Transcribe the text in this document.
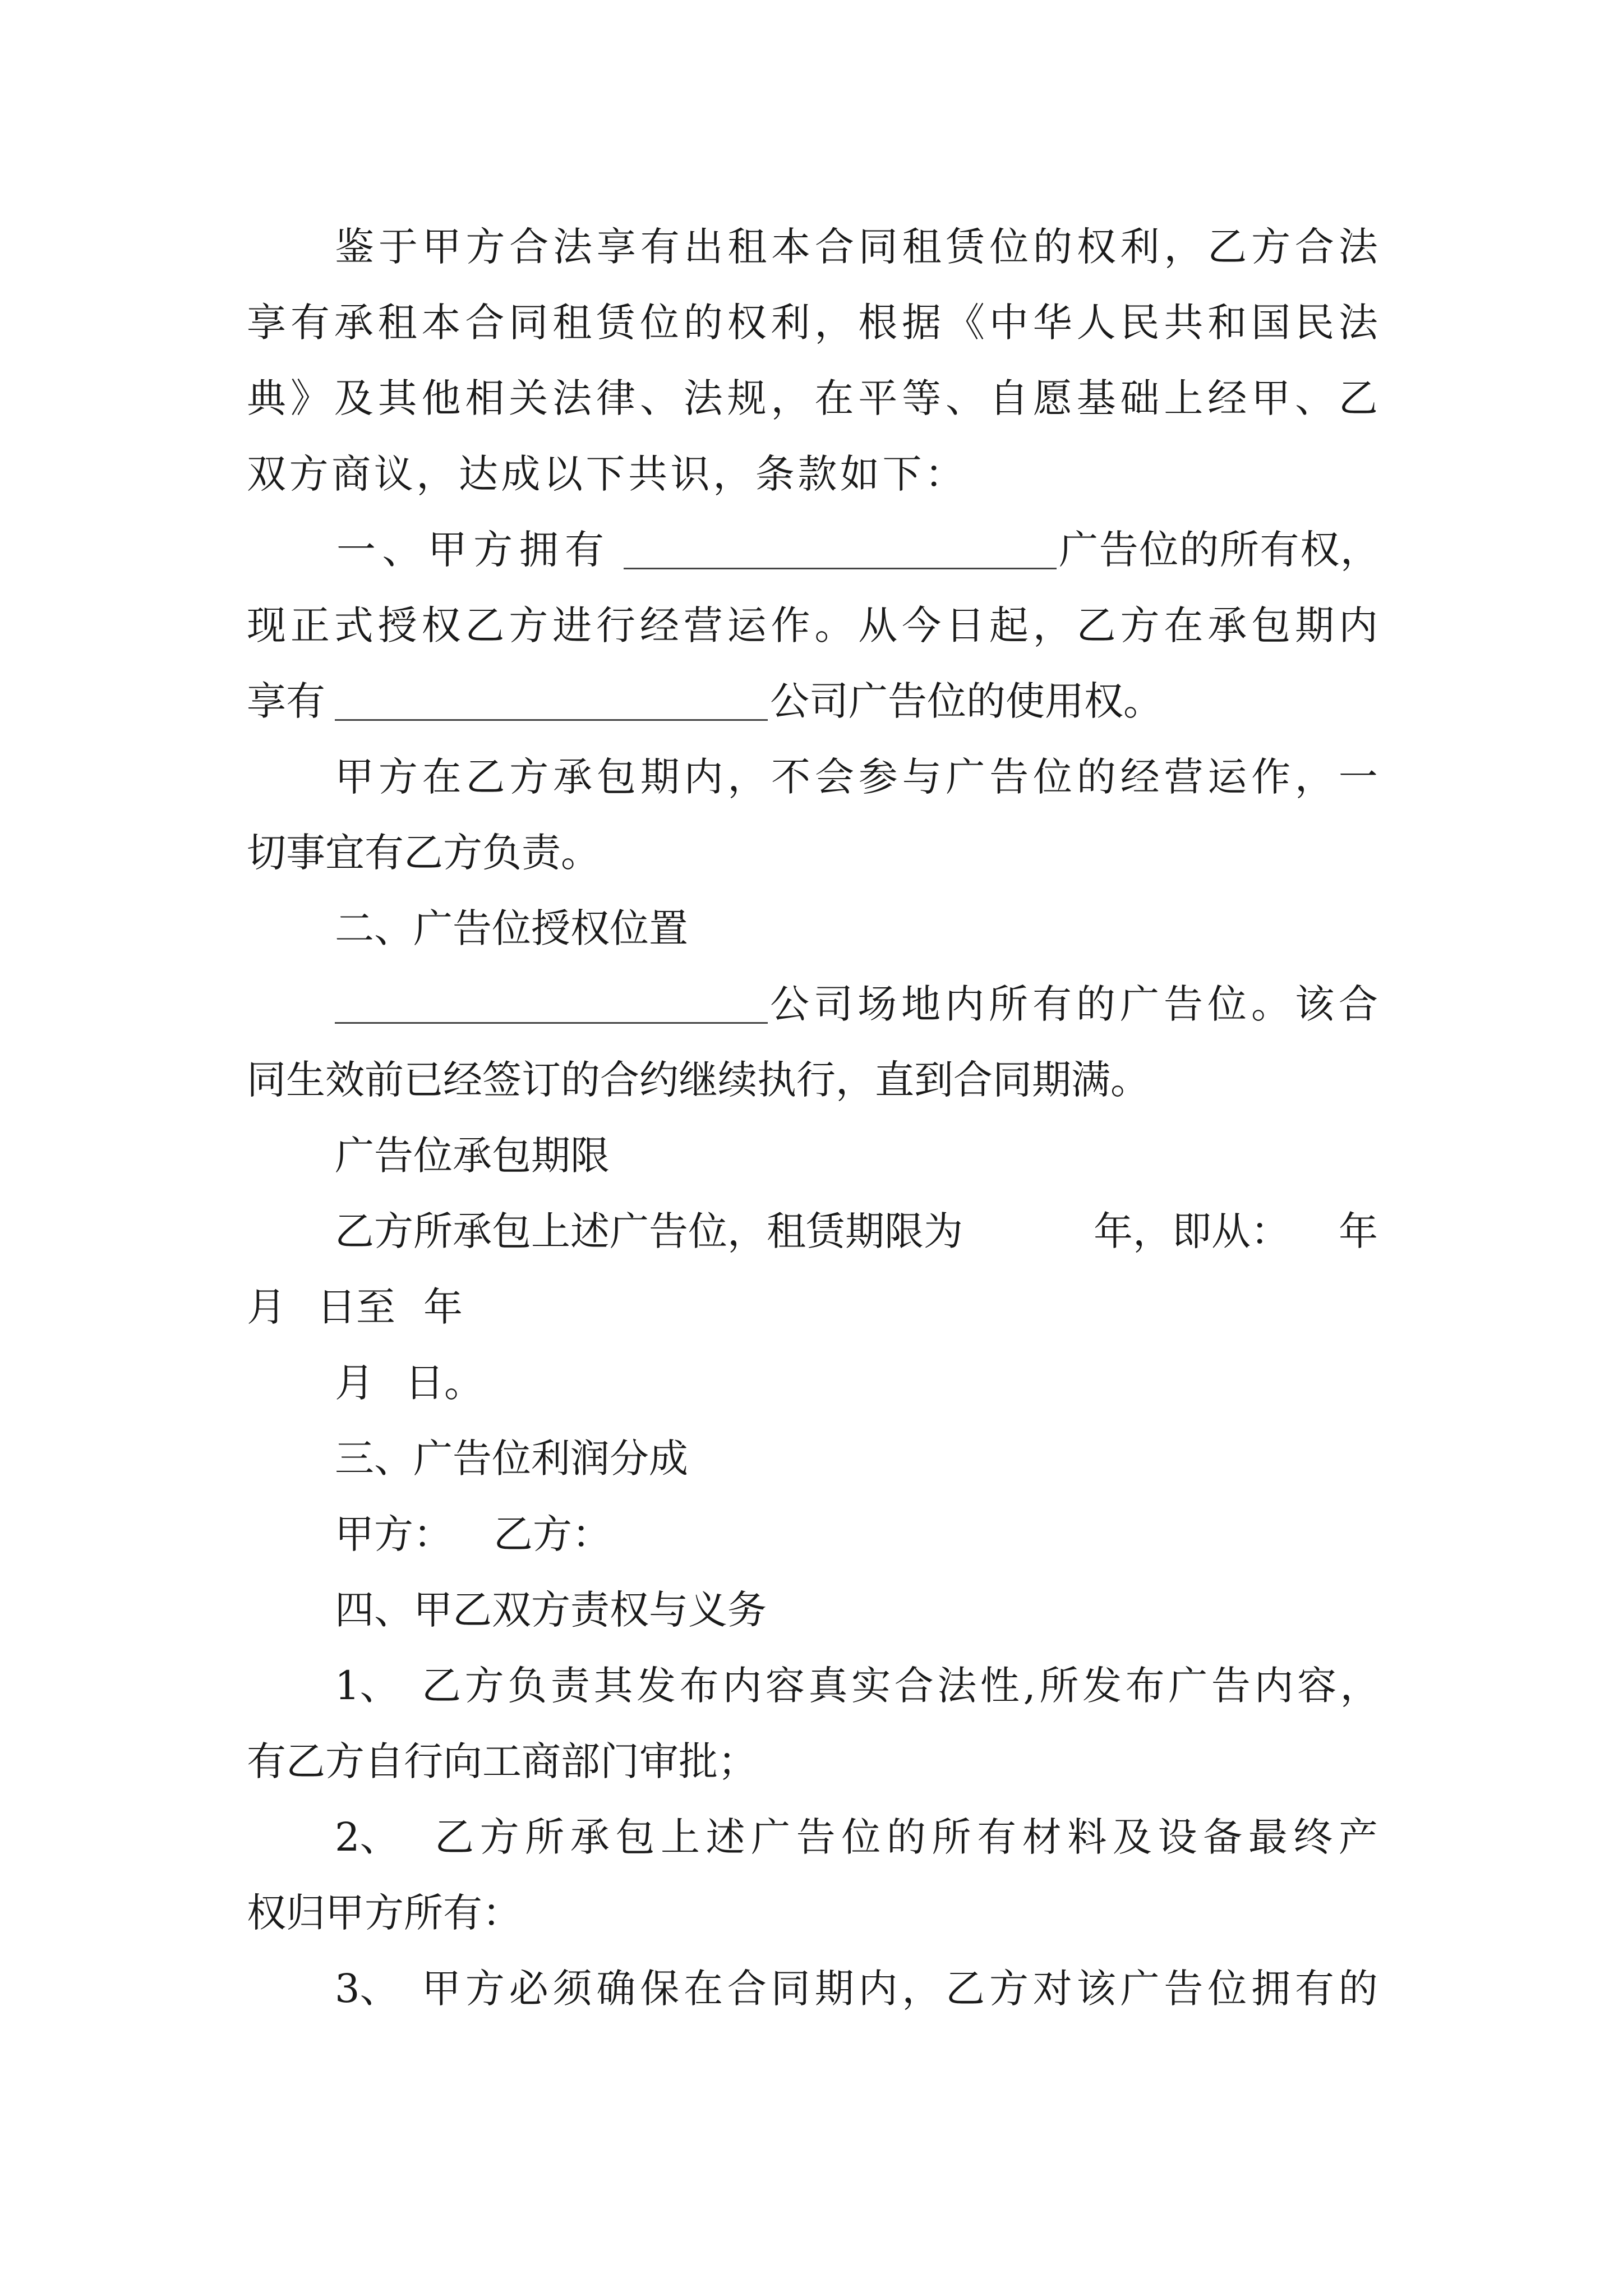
鉴 于 甲 方 合 法 享 有 出 租 本 合 同 租 赁 位 的 权 利 ， 乙 方 合 法
享 有 承 租 本 合 同 租 赁 位 的 权 利 ， 根 据 《 中 华 人 民 共 和 国 民 法
典 》 及 其 他 相 关 法 律 、 法 规 ， 在 平 等 、 自 愿 基 础 上 经 甲 、 乙
双 方 商 议 ， 达 成 以 下 共 识 ， 条 款 如 下 ：
一 、 甲 方 拥 有	广 告 位 的 所 有 权 ，
现 正 式 授 权 乙 方 进 行 经 营 运 作 。 从 今 日 起 ， 乙 方 在 承 包 期 内
享有	公司广告位的使用权。
甲 方 在 乙 方 承 包 期 内 ， 不 会 参 与 广 告 位 的 经 营 运 作 ， 一
切事宜有乙方负责。
二、广告位授权位置
公 司 场 地 内 所 有 的 广 告 位 。 该 合
同生效前已经签订的合约继续执行，直到合同期满。
广告位承包期限
乙方所承包上述广告位，租赁期限为	年，即从： 年
月 日至 年
月 日。
三、广告位利润分成
甲方： 乙方：
四、甲乙双方责权与义务
1、 乙 方 负 责 其 发 布 内 容 真 实 合 法 性 , 所 发 布 广 告 内 容 ，
有乙方自行向工商部门审批；
2、 乙 方 所 承 包 上 述 广 告 位 的 所 有 材 料 及 设 备 最 终 产
权归甲方所有：
3、 甲 方 必 须 确 保 在 合 同 期 内 ， 乙 方 对 该 广 告 位 拥 有 的
